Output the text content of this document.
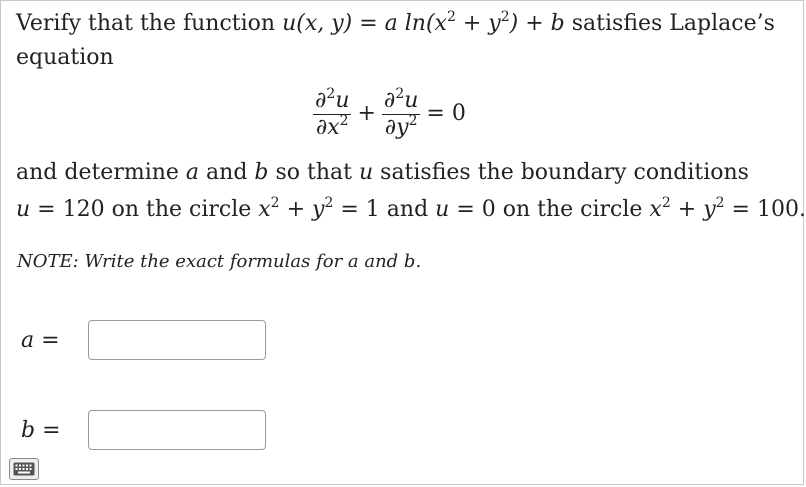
Verify that the function u(x, y) = a $\ln(x^2 + y^2) + b$ satisfies Laplace’s
equation
$\frac{\partial^2u}{\partial x^2} + \frac{\partial^2u}{\partial y^2} = 0$
and determine a and b so that u satisfies the boundary conditions
u = 120 on the circle $x^2 + y^2 = 1$ and u = 0 on the circle $x^2 + y^2 = 100$.
NOTE: Write the exact formulas for a and b.
a =
b =
